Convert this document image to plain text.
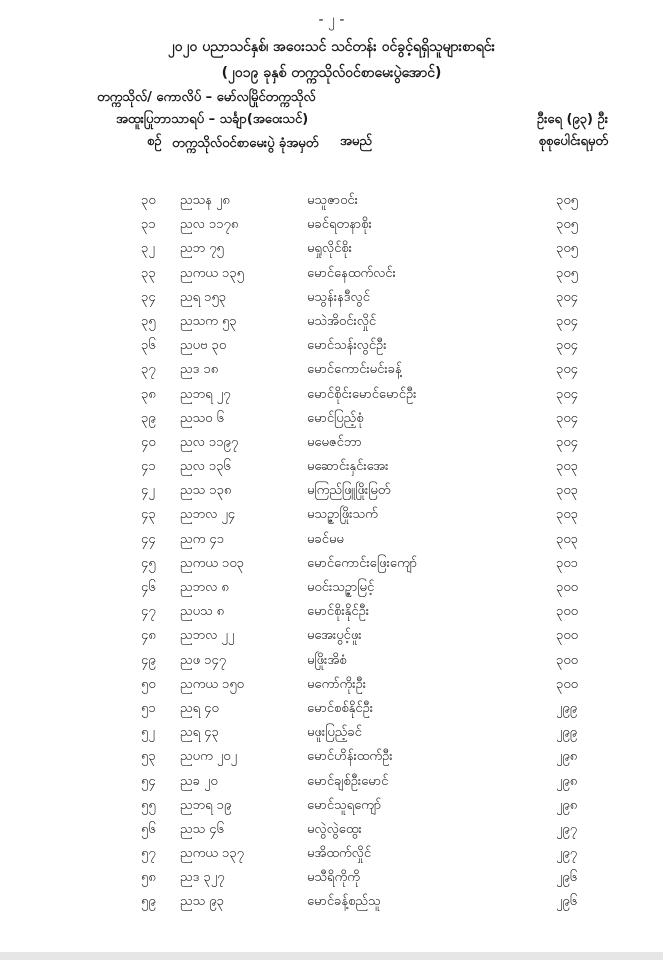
- ၂ -
၂၀၂၀ ပညာသင်နှစ်၊ အဝေးသင် သင်တန်း ဝင်ခွင့်ရရှိသူများစာရင်း
(၂၀၁၉ ခုနှစ် တက္ကသိုလ်ဝင်စာမေးပွဲအောင်)
တက္ကသိုလ်/ ကောလိပ် – မော်လမြိုင်တက္ကသိုလ်
အထူးပြုဘာသာရပ် – သင်္ချာ(အဝေးသင်)	ဦးရေ (၉၃) ဦး
စဉ် တက္ကသိုလ်ဝင်စာမေးပွဲ ခုံအမှတ် အမည်	စုစုပေါင်းရမှတ်
၃၀ ညသန ၂၈	မသူဇာဝင်း	၃၀၅
၃၁ ညလ ၁၁၇၈	မခင်ရတနာစိုး	၃၀၅
၃၂ ညဘ ၇၅	မရှုလိုင်စိုး	၃၀၅
၃၃ ညကယ ၁၃၅	မောင်နေထက်လင်း	၃၀၅
၃၄ ညရ ၁၅၃	မသွန်းနဒီလွင်	၃၀၄
၃၅ ညသက ၅၃	မသဲအိဝင်းလှိုင်	၃၀၄
၃၆ ညပဗ ၃၀	မောင်သန်းလွင်ဦး	၃၀၄
၃၇ ညဒ ၁၈	မောင်ကောင်းမင်းခန့်	၃၀၄
၃၈ ညဘရ ၂၇	မောင်စိုင်းမောင်မောင်ဦး	၃၀၄
၃၉ ညသဝ ၆	မောင်ပြည့်စုံ	၃၀၄
၄၀ ညလ ၁၁၉၇	မမေဇင်ဘာ	၃၀၄
၄၁ ညလ ၁၃၆	မဆောင်းနှင်းအေး	၃၀၃
၄၂ ညသ ၁၃၈	မကြည်ဖြူဖြိုးမြတ်	၃၀၃
၄၃ ညဘလ ၂၄	မသဉ္ဇာဖြိုးသက်	၃၀၃
၄၄ ညက ၄၁	မခင်မမ	၃၀၃
၄၅ ညကယ ၁၀၃	မောင်ကောင်းဖြေးကျော်	၃၀၁
၄၆ ညဘလ ၈	မဝင်းသဉ္ဇာမြင့်	၃၀၀
၄၇ ညပသ ၈	မောင်စိုးနိုင်ဦး	၃၀၀
၄၈ ညဘလ ၂၂	မအေးပွင့်ဖူး	၃၀၀
၄၉ ညဖ ၁၄၇	မဖြိုးအိစံ	၃၀၀
၅၀ ညကယ ၁၅၀	မကော်ကိုးဦး	၃၀၀
၅၁ ညရ ၄၀	မောင်စစ်နိုင်ဦး	၂၉၉
၅၂ ညရ ၄၃	မဖူးပြည့်ခင်	၂၉၉
၅၃ ညပက ၂၀၂	မောင်ဟိန်းထက်ဦး	၂၉၈
၅၄ ညခ ၂၀	မောင်ချစ်ဦးမောင်	၂၉၈
၅၅ ညဘရ ၁၉	မောင်သူရကျော်	၂၉၈
၅၆ ညသ ၄၆	မလွဲလွဲထွေး	၂၉၇
၅၇ ညကယ ၁၃၇	မအိထက်လှိုင်	၂၉၇
၅၈ ညဒ ၃၂၇	မသီရိကိုကို	၂၉၆
၅၉ ညသ ၉၃	မောင်ခန့်စည်သူ	၂၉၆
